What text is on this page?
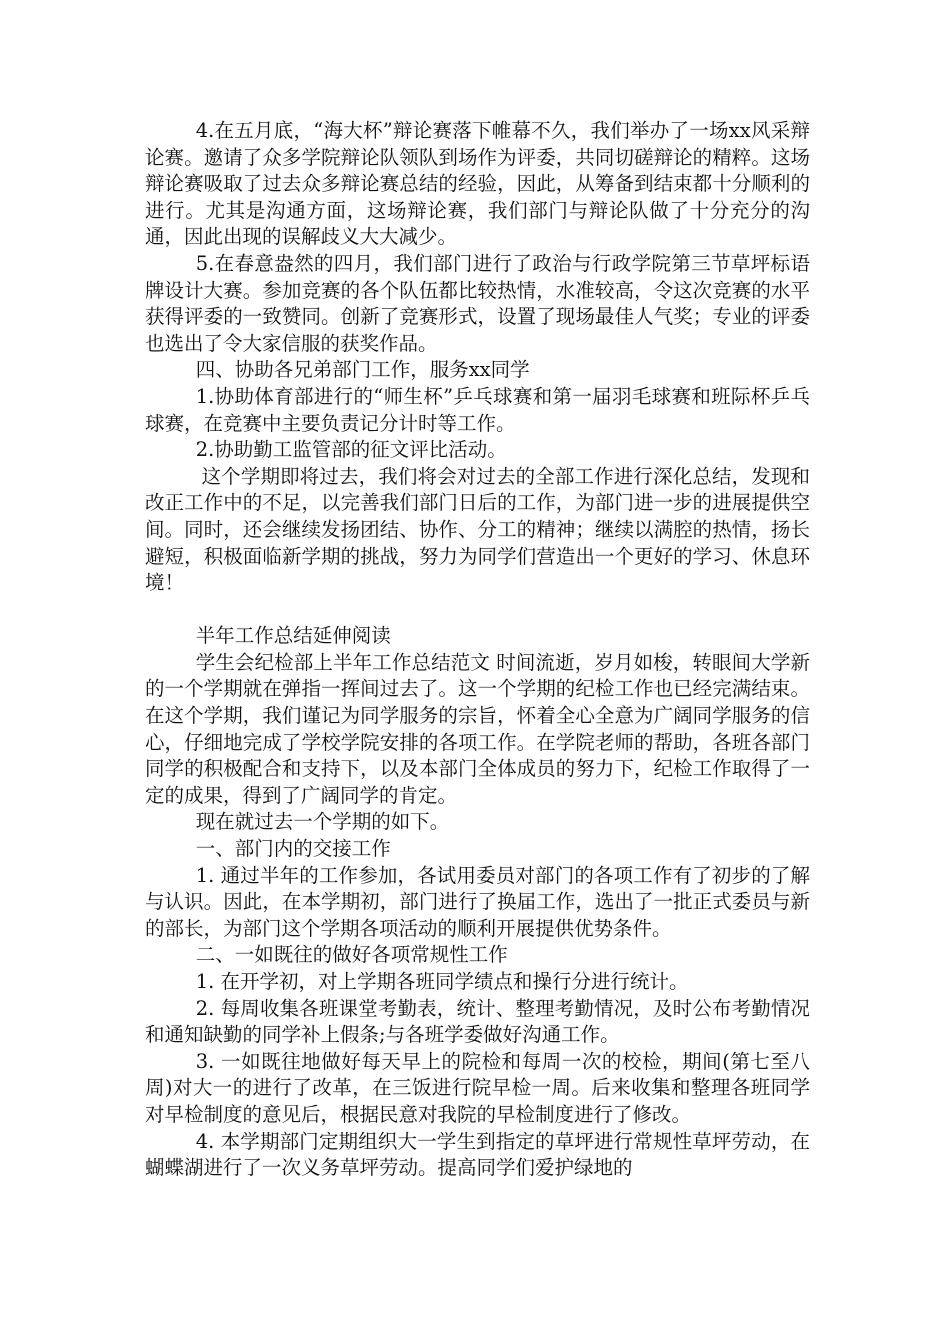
4.在五月底，“海大杯”辩论赛落下帷幕不久，我们举办了一场xx风采辩论赛。邀请了众多学院辩论队领队到场作为评委，共同切磋辩论的精粹。这场辩论赛吸取了过去众多辩论赛总结的经验，因此，从筹备到结束都十分顺利的进行。尤其是沟通方面，这场辩论赛，我们部门与辩论队做了十分充分的沟通，因此出现的误解歧义大大减少。

5.在春意盎然的四月，我们部门进行了政治与行政学院第三节草坪标语牌设计大赛。参加竞赛的各个队伍都比较热情，水准较高，令这次竞赛的水平获得评委的一致赞同。创新了竞赛形式，设置了现场最佳人气奖；专业的评委也选出了令大家信服的获奖作品。

四、协助各兄弟部门工作，服务xx同学

1.协助体育部进行的“师生杯”乒乓球赛和第一届羽毛球赛和班际杯乒乓球赛，在竞赛中主要负责记分计时等工作。

2.协助勤工监管部的征文评比活动。

这个学期即将过去，我们将会对过去的全部工作进行深化总结，发现和改正工作中的不足，以完善我们部门日后的工作，为部门进一步的进展提供空间。同时，还会继续发扬团结、协作、分工的精神；继续以满腔的热情，扬长避短，积极面临新学期的挑战，努力为同学们营造出一个更好的学习、休息环境！

半年工作总结延伸阅读

学生会纪检部上半年工作总结范文 时间流逝，岁月如梭，转眼间大学新的一个学期就在弹指一挥间过去了。这一个学期的纪检工作也已经完满结束。在这个学期，我们谨记为同学服务的宗旨，怀着全心全意为广阔同学服务的信心，仔细地完成了学校学院安排的各项工作。在学院老师的帮助，各班各部门同学的积极配合和支持下，以及本部门全体成员的努力下，纪检工作取得了一定的成果，得到了广阔同学的肯定。

现在就过去一个学期的如下。

一、部门内的交接工作

1. 通过半年的工作参加，各试用委员对部门的各项工作有了初步的了解与认识。因此，在本学期初，部门进行了换届工作，选出了一批正式委员与新的部长，为部门这个学期各项活动的顺利开展提供优势条件。

二、一如既往的做好各项常规性工作

1. 在开学初，对上学期各班同学绩点和操行分进行统计。

2. 每周收集各班课堂考勤表，统计、整理考勤情况，及时公布考勤情况和通知缺勤的同学补上假条;与各班学委做好沟通工作。

3. 一如既往地做好每天早上的院检和每周一次的校检，期间(第七至八周)对大一的进行了改革，在三饭进行院早检一周。后来收集和整理各班同学对早检制度的意见后，根据民意对我院的早检制度进行了修改。

4. 本学期部门定期组织大一学生到指定的草坪进行常规性草坪劳动，在蝴蝶湖进行了一次义务草坪劳动。提高同学们爱护绿地的
